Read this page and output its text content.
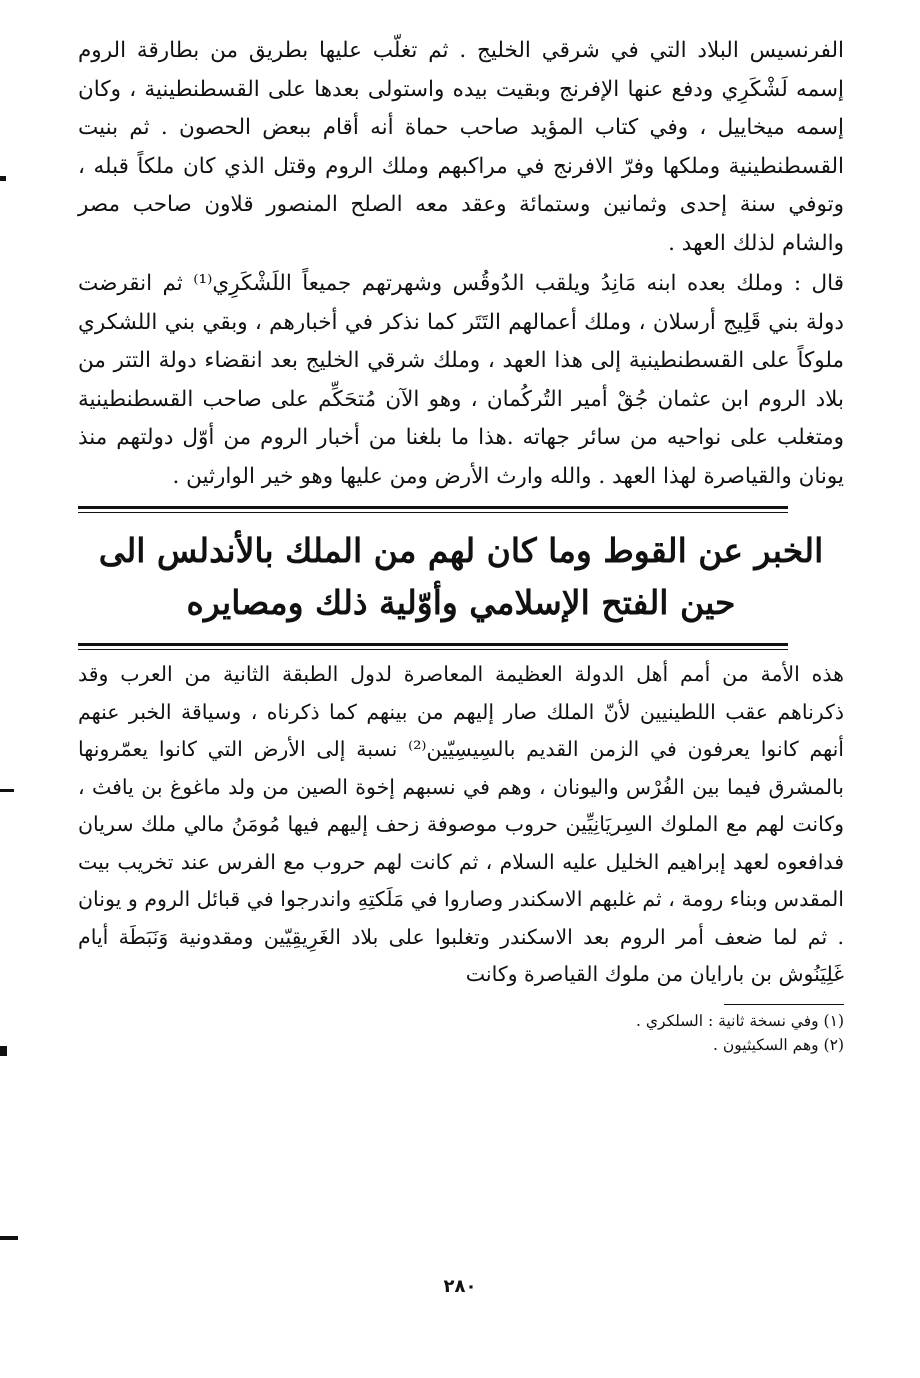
الفرنسيس البلاد التي في شرقي الخليج . ثم تغلّب عليها بطريق من بطارقة الروم إسمه لَشْكَرِي ودفع عنها الإفرنج وبقيت بيده واستولى بعدها على القسطنطينية ، وكان إسمه ميخاييل ، وفي كتاب المؤيد صاحب حماة أنه أقام ببعض الحصون . ثم بنيت القسطنطينية وملكها وفرّ الافرنج في مراكبهم وملك الروم وقتل الذي كان ملكاً قبله ، وتوفي سنة إحدى وثمانين وستمائة وعقد معه الصلح المنصور قلاون صاحب مصر والشام لذلك العهد .

قال : وملك بعده ابنه مَانِدُ ويلقب الدُوقُس وشهرتهم جميعاً اللَشْكَرِي⁽¹⁾ ثم انقرضت دولة بني قَلِيج أرسلان ، وملك أعمالهم التَتَر كما نذكر في أخبارهم ، وبقي بني اللشكري ملوكاً على القسطنطينية إلى هذا العهد ، وملك شرقي الخليج بعد انقضاء دولة التتر من بلاد الروم ابن عثمان جُقْ أمير التُركُمان ، وهو الآن مُتحَكِّم على صاحب القسطنطينية ومتغلب على نواحيه من سائر جهاته .هذا ما بلغنا من أخبار الروم من أوّل دولتهم منذ يونان والقياصرة لهذا العهد . والله وارث الأرض ومن عليها وهو خير الوارثين .

الخبر عن القوط وما كان لهم من الملك بالأندلس الى حين الفتح الإسلامي وأوّلية ذلك ومصايره

هذه الأمة من أمم أهل الدولة العظيمة المعاصرة لدول الطبقة الثانية من العرب وقد ذكرناهم عقب اللطينيين لأنّ الملك صار إليهم من بينهم كما ذكرناه ، وسياقة الخبر عنهم أنهم كانوا يعرفون في الزمن القديم بالسِيسِيّين⁽²⁾ نسبة إلى الأرض التي كانوا يعمّرونها بالمشرق فيما بين الفُرْس واليونان ، وهم في نسبهم إخوة الصين من ولد ماغوغ بن يافث ، وكانت لهم مع الملوك السِريَانِيِّين حروب موصوفة زحف إليهم فيها مُومَنُ مالي ملك سريان فدافعوه لعهد إبراهيم الخليل عليه السلام ، ثم كانت لهم حروب مع الفرس عند تخريب بيت المقدس وبناء رومة ، ثم غلبهم الاسكندر وصاروا في مَلَكتِهِ واندرجوا في قبائل الروم و يونان . ثم لما ضعف أمر الروم بعد الاسكندر وتغلبوا على بلاد الغَرِيقِيّين ومقدونية وَنَبَطَة أيام غَلِيَنُوش بن بارايان من ملوك القياصرة وكانت

(١) وفي نسخة ثانية : السلكري .

(٢) وهم السكيثيون .

٢٨٠
